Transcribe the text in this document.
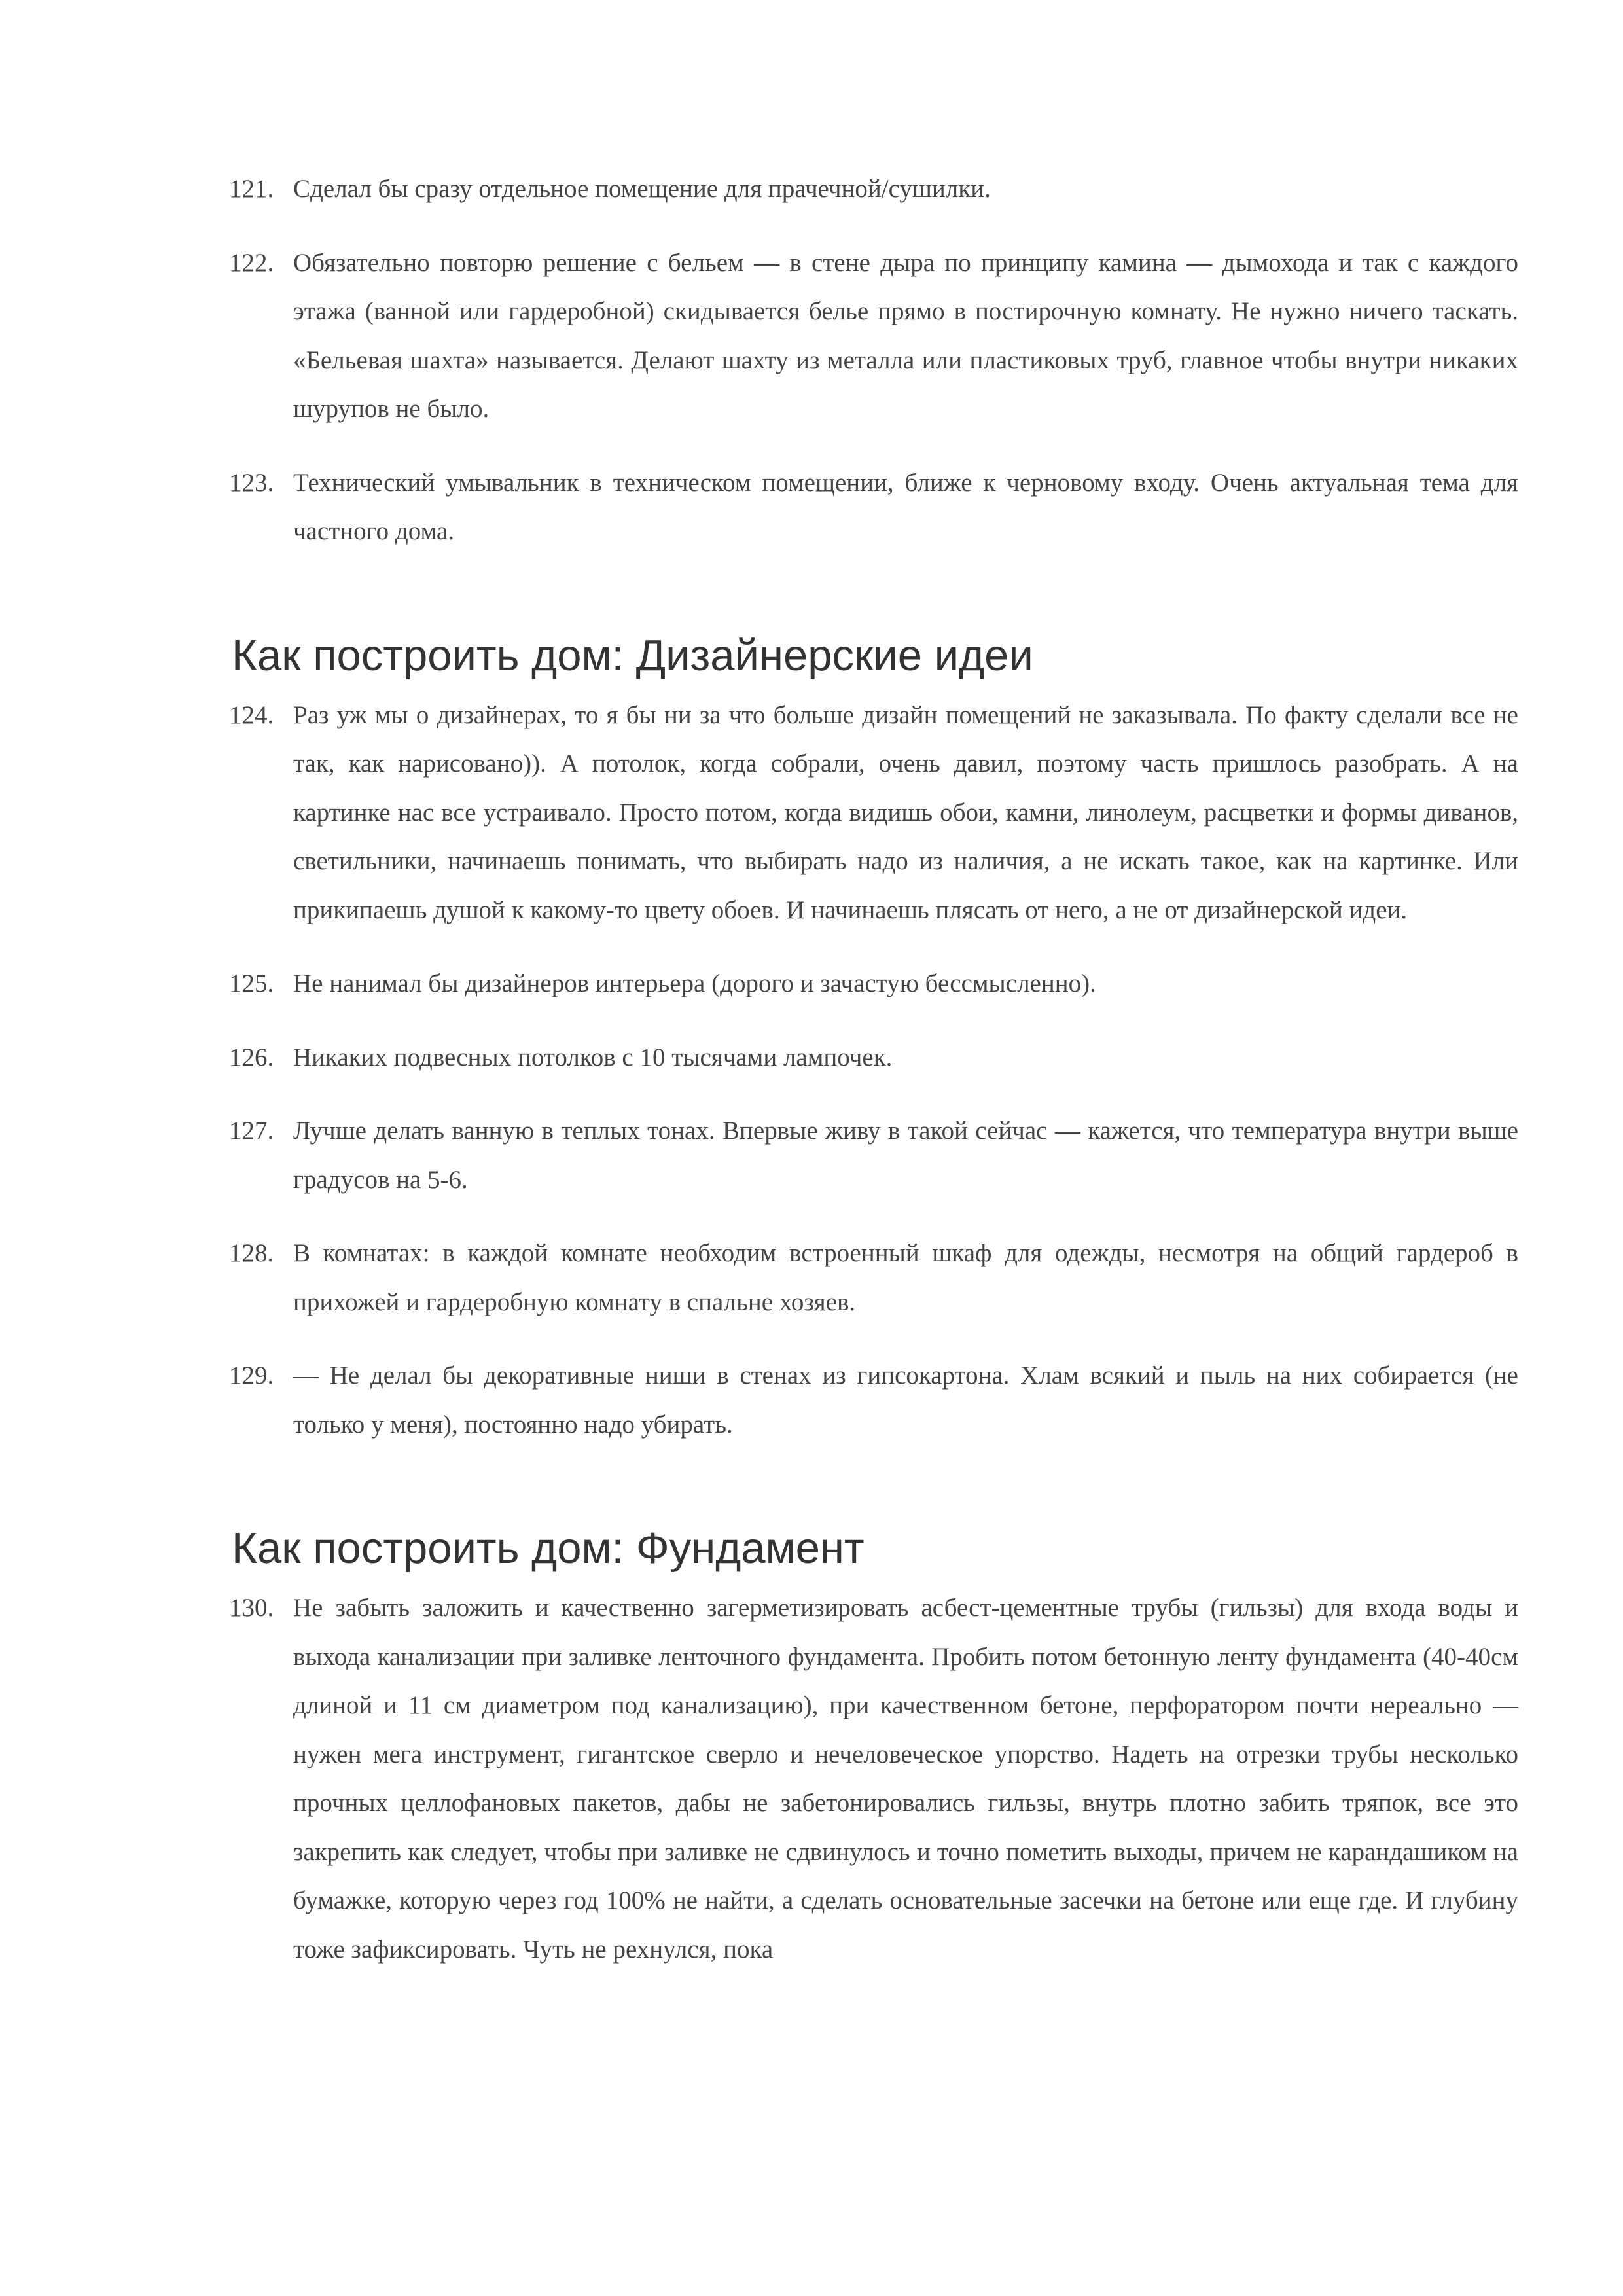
121. Сделал бы сразу отдельное помещение для прачечной/сушилки.
122. Обязательно повторю решение с бельем — в стене дыра по принципу камина — дымохода и так с каждого этажа (ванной или гардеробной) скидывается белье прямо в постирочную комнату. Не нужно ничего таскать. «Бельевая шахта» называется. Делают шахту из металла или пластиковых труб, главное чтобы внутри никаких шурупов не было.
123. Технический умывальник в техническом помещении, ближе к черновому входу. Очень актуальная тема для частного дома.
Как построить дом: Дизайнерские идеи
124. Раз уж мы о дизайнерах, то я бы ни за что больше дизайн помещений не заказывала. По факту сделали все не так, как нарисовано)). А потолок, когда собрали, очень давил, поэтому часть пришлось разобрать. А на картинке нас все устраивало. Просто потом, когда видишь обои, камни, линолеум, расцветки и формы диванов, светильники, начинаешь понимать, что выбирать надо из наличия, а не искать такое, как на картинке. Или прикипаешь душой к какому-то цвету обоев. И начинаешь плясать от него, а не от дизайнерской идеи.
125. Не нанимал бы дизайнеров интерьера (дорого и зачастую бессмысленно).
126. Никаких подвесных потолков с 10 тысячами лампочек.
127. Лучше делать ванную в теплых тонах. Впервые живу в такой сейчас — кажется, что температура внутри выше градусов на 5-6.
128. В комнатах: в каждой комнате необходим встроенный шкаф для одежды, несмотря на общий гардероб в прихожей и гардеробную комнату в спальне хозяев.
129. — Не делал бы декоративные ниши в стенах из гипсокартона. Хлам всякий и пыль на них собирается (не только у меня), постоянно надо убирать.
Как построить дом: Фундамент
130. Не забыть заложить и качественно загерметизировать асбест-цементные трубы (гильзы) для входа воды и выхода канализации при заливке ленточного фундамента. Пробить потом бетонную ленту фундамента (40-40см длиной и 11 см диаметром под канализацию), при качественном бетоне, перфоратором почти нереально — нужен мега инструмент, гигантское сверло и нечеловеческое упорство. Надеть на отрезки трубы несколько прочных целлофановых пакетов, дабы не забетонировались гильзы, внутрь плотно забить тряпок, все это закрепить как следует, чтобы при заливке не сдвинулось и точно пометить выходы, причем не карандашиком на бумажке, которую через год 100% не найти, а сделать основательные засечки на бетоне или еще где. И глубину тоже зафиксировать. Чуть не рехнулся, пока
